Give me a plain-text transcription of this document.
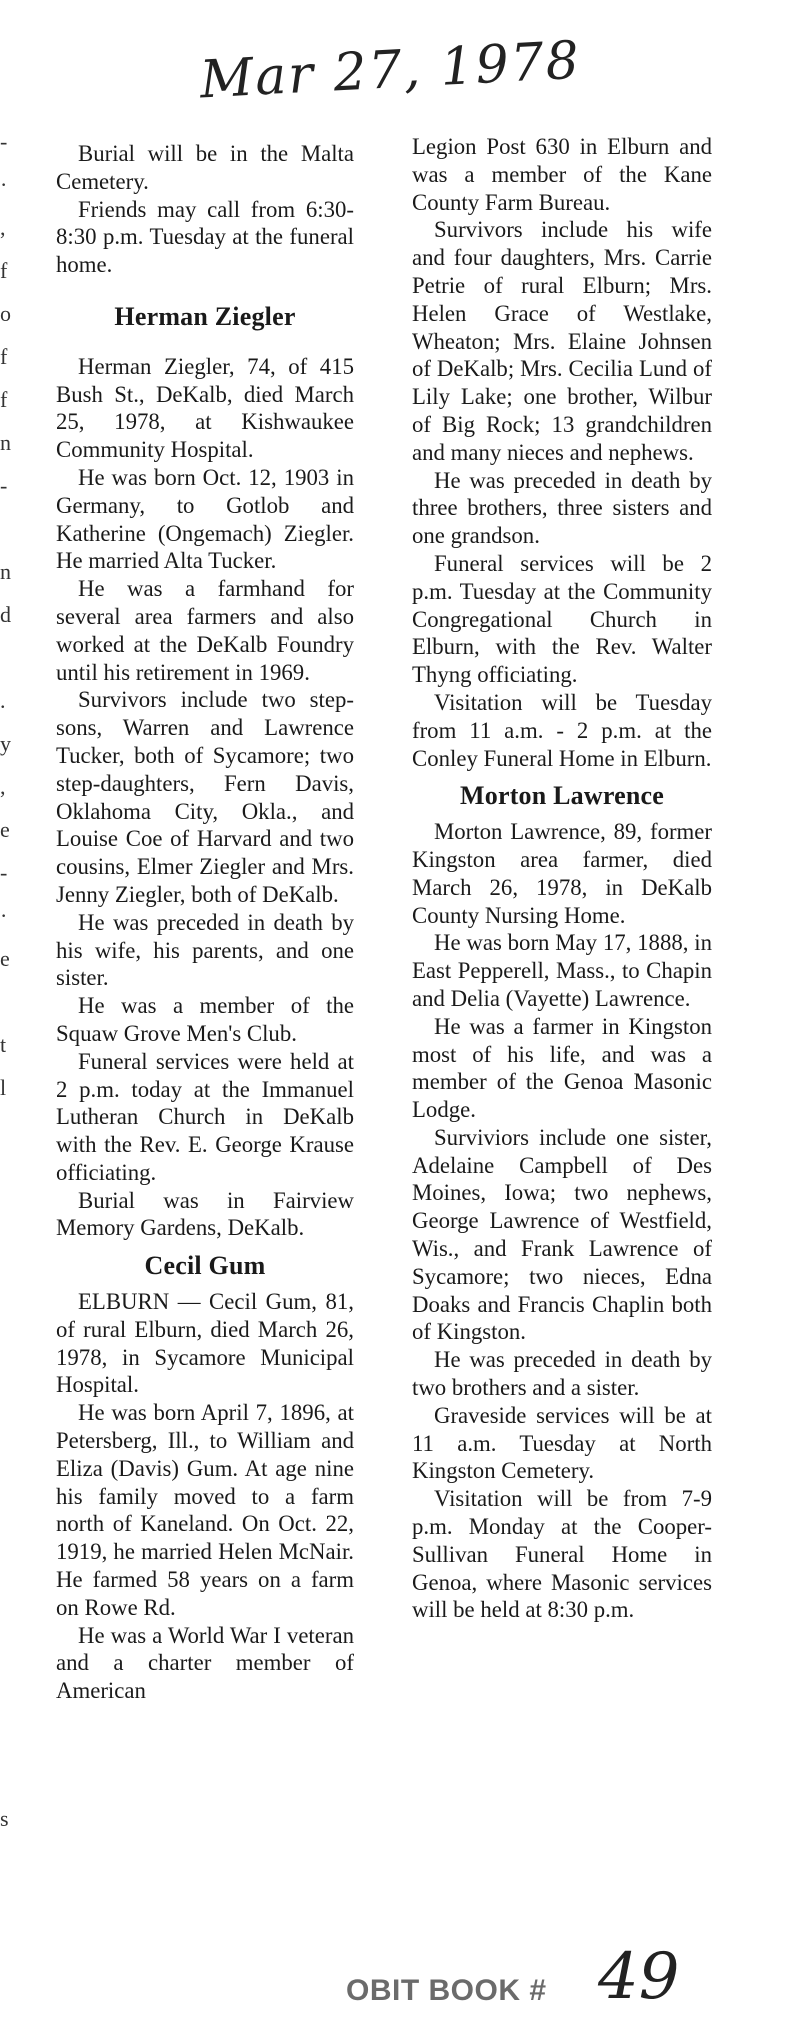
Mar 27, 1978
-
·
,
f
o
f
f
n
-
n
d
.
y
,
e
-
·
e
t
l
s

Burial will be in the Malta Cemetery.

Friends may call from 6:30-8:30 p.m. Tuesday at the funeral home.

Herman Ziegler

Herman Ziegler, 74, of 415 Bush St., DeKalb, died March 25, 1978, at Kishwaukee Community Hospital.

He was born Oct. 12, 1903 in Germany, to Gotlob and Katherine (Ongemach) Ziegler. He married Alta Tucker.

He was a farmhand for several area farmers and also worked at the DeKalb Foundry until his retirement in 1969.

Survivors include two step-sons, Warren and Lawrence Tucker, both of Sycamore; two step-daughters, Fern Davis, Oklahoma City, Okla., and Louise Coe of Harvard and two cousins, Elmer Ziegler and Mrs. Jenny Ziegler, both of DeKalb.

He was preceded in death by his wife, his parents, and one sister.

He was a member of the Squaw Grove Men's Club.

Funeral services were held at 2 p.m. today at the Immanuel Lutheran Church in DeKalb with the Rev. E. George Krause officiating.

Burial was in Fairview Memory Gardens, DeKalb.

Cecil Gum

ELBURN — Cecil Gum, 81, of rural Elburn, died March 26, 1978, in Sycamore Municipal Hospital.

He was born April 7, 1896, at Petersberg, Ill., to William and Eliza (Davis) Gum. At age nine his family moved to a farm north of Kaneland. On Oct. 22, 1919, he married Helen McNair. He farmed 58 years on a farm on Rowe Rd.

He was a World War I veteran and a charter member of American

Legion Post 630 in Elburn and was a member of the Kane County Farm Bureau.

Survivors include his wife and four daughters, Mrs. Carrie Petrie of rural Elburn; Mrs. Helen Grace of Westlake, Wheaton; Mrs. Elaine Johnsen of DeKalb; Mrs. Cecilia Lund of Lily Lake; one brother, Wilbur of Big Rock; 13 grandchildren and many nieces and nephews.

He was preceded in death by three brothers, three sisters and one grandson.

Funeral services will be 2 p.m. Tuesday at the Community Congregational Church in Elburn, with the Rev. Walter Thyng officiating.

Visitation will be Tuesday from 11 a.m. - 2 p.m. at the Conley Funeral Home in Elburn.

Morton Lawrence

Morton Lawrence, 89, former Kingston area farmer, died March 26, 1978, in DeKalb County Nursing Home.

He was born May 17, 1888, in East Pepperell, Mass., to Chapin and Delia (Vayette) Lawrence.

He was a farmer in Kingston most of his life, and was a member of the Genoa Masonic Lodge.

Surviviors include one sister, Adelaine Campbell of Des Moines, Iowa; two nephews, George Lawrence of Westfield, Wis., and Frank Lawrence of Sycamore; two nieces, Edna Doaks and Francis Chaplin both of Kingston.

He was preceded in death by two brothers and a sister.

Graveside services will be at 11 a.m. Tuesday at North Kingston Cemetery.

Visitation will be from 7-9 p.m. Monday at the Cooper-Sullivan Funeral Home in Genoa, where Masonic services will be held at 8:30 p.m.

OBIT BOOK # 49
